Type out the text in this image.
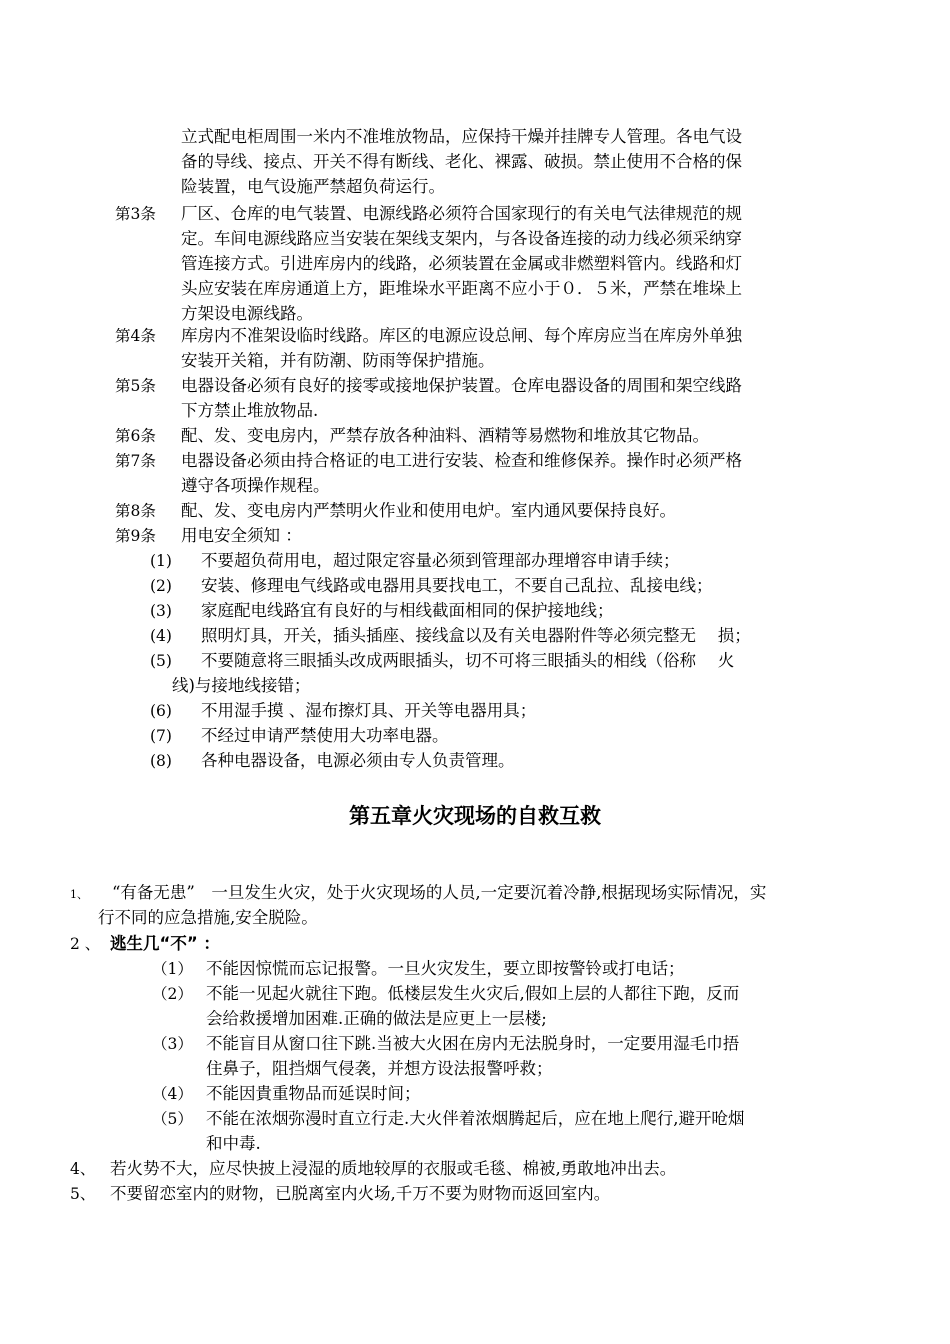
立式配电柜周围一米内不准堆放物品，应保持干燥并挂牌专人管理。各电气设
备的导线、接点、开关不得有断线、老化、裸露、破损。禁止使用不合格的保
险装置，电气设施严禁超负荷运行。
第3条 厂区、仓库的电气装置、电源线路必须符合国家现行的有关电气法律规范的规
定。车间电源线路应当安装在架线支架内，与各设备连接的动力线必须采纳穿
管连接方式。引进库房内的线路，必须装置在金属或非燃塑料管内。线路和灯
头应安装在库房通道上方，距堆垛水平距离不应小于０．５米，严禁在堆垛上
方架设电源线路。
第4条 库房内不准架设临时线路。库区的电源应设总闸、每个库房应当在库房外单独
安装开关箱，并有防潮、防雨等保护措施。
第5条 电器设备必须有良好的接零或接地保护装置。仓库电器设备的周围和架空线路
下方禁止堆放物品.
第6条 配、发、变电房内，严禁存放各种油料、酒精等易燃物和堆放其它物品。
第7条 电器设备必须由持合格证的电工进行安装、检查和维修保养。操作时必须严格
遵守各项操作规程。
第8条 配、发、变电房内严禁明火作业和使用电炉。室内通风要保持良好。
第9条 用电安全须知 ：
(1) 不要超负荷用电，超过限定容量必须到管理部办理增容申请手续；
(2) 安装、修理电气线路或电器用具要找电工，不要自己乱拉、乱接电线；
(3) 家庭配电线路宜有良好的与相线截面相同的保护接地线；
(4) 照明灯具，开关，插头插座、接线盒以及有关电器附件等必须完整无　 损；
(5) 不要随意将三眼插头改成两眼插头，切不可将三眼插头的相线（俗称　 火
线)与接地线接错；
(6) 不用湿手摸 、湿布擦灯具、开关等电器用具；
(7) 不经过申请严禁使用大功率电器。
(8) 各种电器设备，电源必须由专人负责管理。
第五章火灾现场的自救互救
1、 “有备无患”　一旦发生火灾，处于火灾现场的人员,一定要沉着冷静,根据现场实际情况，实
行不同的应急措施,安全脱险。
2 、 逃生几“不” ：
（1） 不能因惊慌而忘记报警。一旦火灾发生，要立即按警铃或打电话；
（2） 不能一见起火就往下跑。低楼层发生火灾后,假如上层的人都往下跑，反而
会给救援增加困难.正确的做法是应更上一层楼;
（3） 不能盲目从窗口往下跳.当被大火困在房内无法脱身时，一定要用湿毛巾捂
住鼻子，阻挡烟气侵袭，并想方设法报警呼救；
（4） 不能因貴重物品而延误时间；
（5） 不能在浓烟弥漫时直立行走.大火伴着浓烟腾起后，应在地上爬行,避开呛烟
和中毒.
4、 若火势不大，应尽快披上浸湿的质地较厚的衣服或毛毯、棉被,勇敢地冲出去。
5、 不要留恋室内的财物，已脱离室内火场,千万不要为财物而返回室内。
